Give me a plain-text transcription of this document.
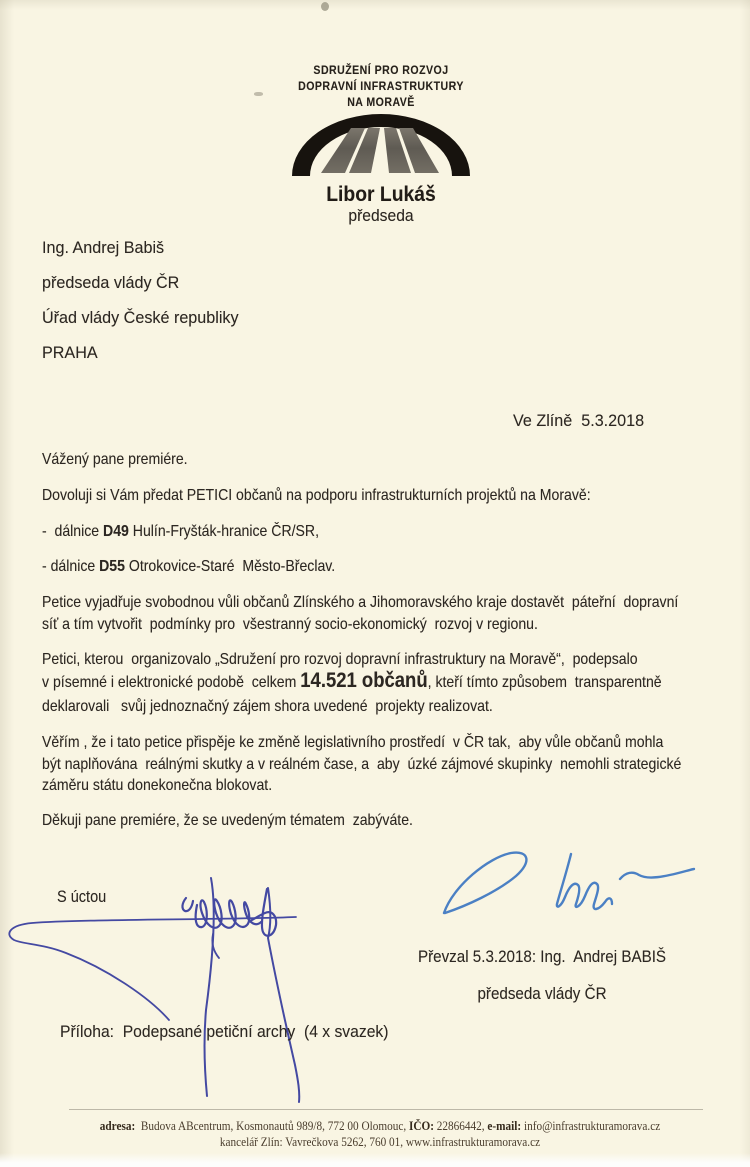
SDRUŽENÍ PRO ROZVOJ
DOPRAVNÍ INFRASTRUKTURY
NA MORAVĚ
Libor Lukáš
předseda
Ing. Andrej Babiš
předseda vlády ČR
Úřad vlády České republiky
PRAHA
Ve Zlíně  5.3.2018
Vážený pane premiére.
Dovoluji si Vám předat PETICI občanů na podporu infrastrukturních projektů na Moravě:
-  dálnice D49 Hulín-Fryšták-hranice ČR/SR,
- dálnice D55 Otrokovice-Staré  Město-Břeclav.
Petice vyjadřuje svobodnou vůli občanů Zlínského a Jihomoravského kraje dostavět  páteřní  dopravní
síť a tím vytvořit  podmínky pro  všestranný socio-ekonomický  rozvoj v regionu.
Petici, kterou  organizovalo „Sdružení pro rozvoj dopravní infrastruktury na Moravě“,  podepsalo
v písemné i elektronické podobě  celkem 14.521 občanů, kteří tímto způsobem  transparentně
deklarovali   svůj jednoznačný zájem shora uvedené  projekty realizovat.
Věřím , že i tato petice přispěje ke změně legislativního prostředí  v ČR tak,  aby vůle občanů mohla
být naplňována  reálnými skutky a v reálném čase, a  aby  úzké zájmové skupinky  nemohli strategické
záměru státu donekonečna blokovat.
Děkuji pane premiére, že se uvedeným tématem  zabýváte.
S úctou
Převzal 5.3.2018: Ing.  Andrej BABIŠ
předseda vlády ČR
Příloha:  Podepsané petiční archy  (4 x svazek)
adresa:  Budova ABcentrum, Kosmonautů 989/8, 772 00 Olomouc, IČO: 22866442, e-mail: info@infrastrukturamorava.cz
kancelář Zlín: Vavrečkova 5262, 760 01, www.infrastrukturamorava.cz
